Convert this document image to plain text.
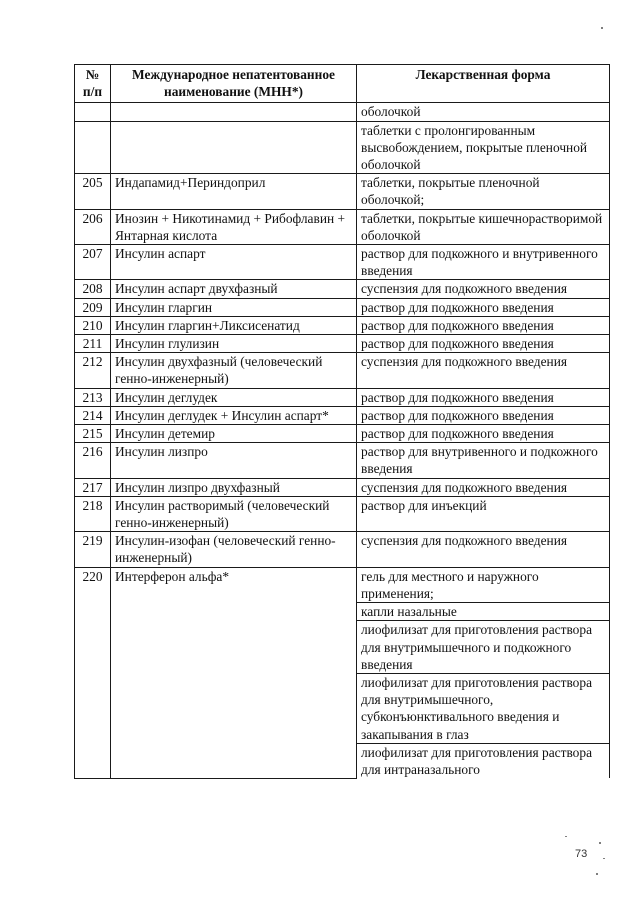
№ п/п	Международное непатентованное наименование (МНН*)	Лекарственная форма
		оболочкой
		таблетки с пролонгированным высвобождением, покрытые пленочной оболочкой
205	Индапамид+Периндоприл	таблетки, покрытые пленочной оболочкой;
206	Инозин + Никотинамид + Рибофлавин + Янтарная кислота	таблетки, покрытые кишечнорастворимой оболочкой
207	Инсулин аспарт	раствор для подкожного и внутривенного введения
208	Инсулин аспарт двухфазный	суспензия для подкожного введения
209	Инсулин гларгин	раствор для подкожного введения
210	Инсулин гларгин+Ликсисенатид	раствор для подкожного введения
211	Инсулин глулизин	раствор для подкожного введения
212	Инсулин двухфазный (человеческий генно-инженерный)	суспензия для подкожного введения
213	Инсулин деглудек	раствор для подкожного введения
214	Инсулин деглудек + Инсулин аспарт*	раствор для подкожного введения
215	Инсулин детемир	раствор для подкожного введения
216	Инсулин лизпро	раствор для внутривенного и подкожного введения
217	Инсулин лизпро двухфазный	суспензия для подкожного введения
218	Инсулин растворимый (человеческий генно-инженерный)	раствор для инъекций
219	Инсулин-изофан (человеческий генно-инженерный)	суспензия для подкожного введения
220	Интерферон альфа*	гель для местного и наружного применения;
		капли назальные
		лиофилизат для приготовления раствора для внутримышечного и подкожного введения
		лиофилизат для приготовления раствора для внутримышечного, субконъюнктивального введения и закапывания в глаз
		лиофилизат для приготовления раствора для интраназального
73
